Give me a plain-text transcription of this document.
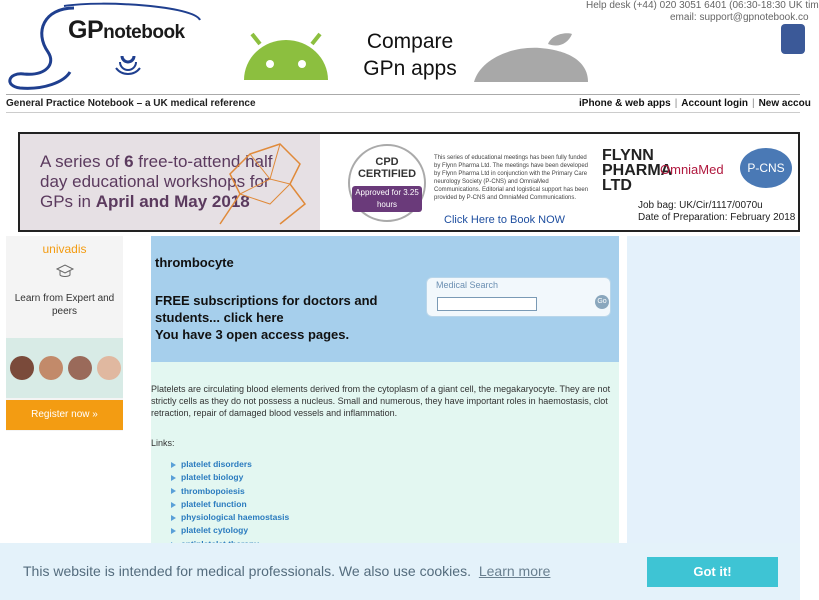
GPnotebook	Compare
GPn apps
Help desk (+44) 020 3051 6401 (06:30-18:30 UK tim
email: support@gpnotebook.co
General Practice Notebook – a UK medical reference	iPhone & web apps | Account login | New accou
A series of 6 free-to-attend half day educational workshops for GPs in April and May 2018
CPD CERTIFIED
Approved for 3.25 hours
This series of educational meetings has been fully funded by Flynn Pharma Ltd. The meetings have been developed by Flynn Pharma Ltd in conjunction with the Primary Care neurology Society (P-CNS) and OmniaMed Communications. Editorial and logistical support has been provided by P-CNS and OmniaMed Communications.
Click Here to Book NOW
FLYNN PHARMA LTD
OmniaMed	P-CNS
Job bag: UK/Cir/1117/0070u
Date of Preparation: February 2018
univadis
Learn from Expert and peers
Register now »
thrombocyte
FREE subscriptions for doctors and students... click here
You have 3 open access pages.
Medical Search
Go
Platelets are circulating blood elements derived from the cytoplasm of a giant cell, the megakaryocyte. They are not strictly cells as they do not possess a nucleus. Small and numerous, they have important roles in haemostasis, clot retraction, repair of damaged blood vessels and inflammation.
Links:
platelet disorders
platelet biology
thrombopoiesis
platelet function
physiological haemostasis
platelet cytology
This website is intended for medical professionals. We also use cookies. Learn more	Got it!
